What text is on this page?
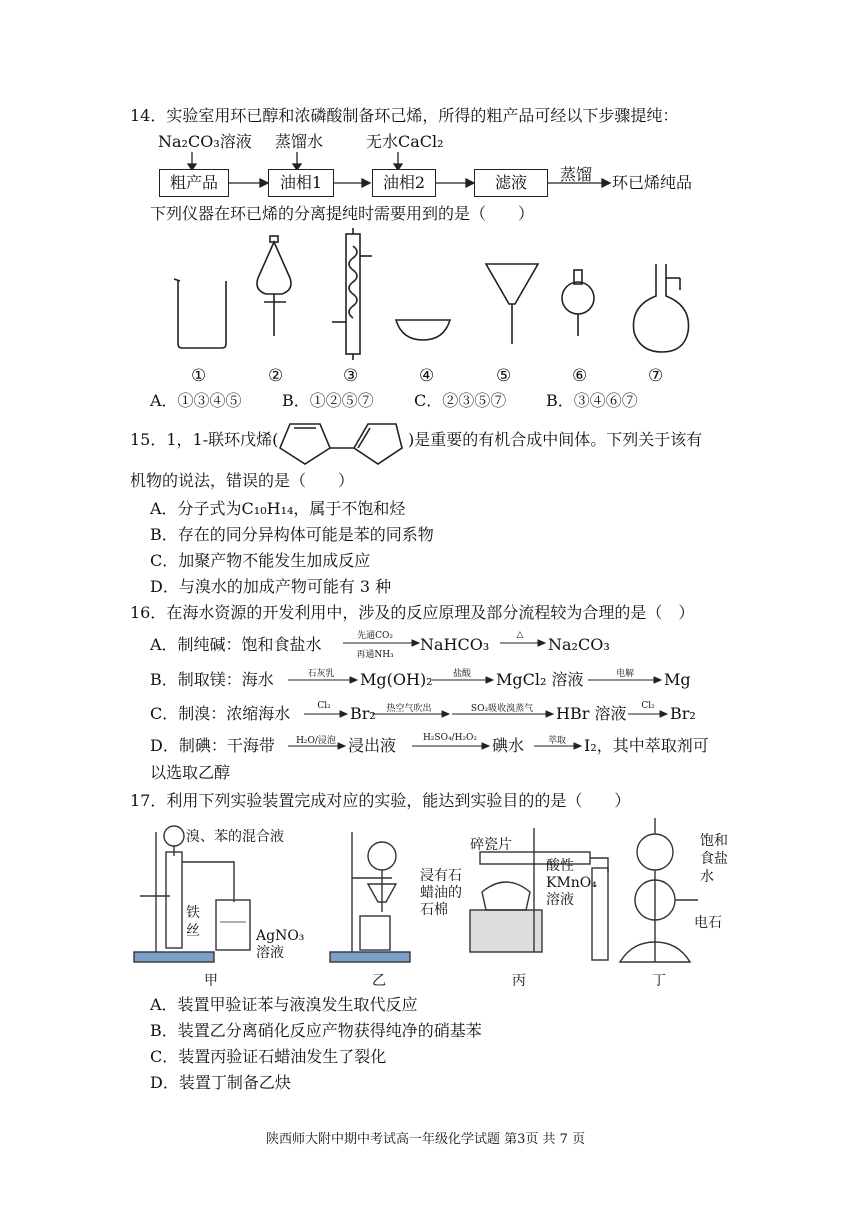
14．实验室用环已醇和浓磷酸制备环己烯，所得的粗产品可经以下步骤提纯：
Na₂CO₃溶液 蒸馏水	无水CaCl₂
粗产品	油相1	油相2	滤液	蒸馏 环已烯纯品
下列仪器在环已烯的分离提纯时需要用到的是（　　）
①	②	③	④	⑤	⑥	⑦
A．①③④⑤	B．①②⑤⑦	C．②③⑤⑦ B．③④⑥⑦
15．1，1-联环戊烯(	)是重要的有机合成中间体。下列关于该有
机物的说法，错误的是（　　）
A．分子式为C₁₀H₁₄，属于不饱和烃
B．存在的同分异构体可能是苯的同系物
C．加聚产物不能发生加成反应
D．与溴水的加成产物可能有 3 种
16．在海水资源的开发利用中，涉及的反应原理及部分流程较为合理的是（　）
A．制纯碱：饱和食盐水	先通CO₂
再通NH₃
NaHCO₃	△	Na₂CO₃
B．制取镁：海水	石灰乳	Mg(OH)₂	盐酸	MgCl₂ 溶液	电解	Mg
C．制溴：浓缩海水	Cl₂	Br₂	热空气吹出	SO₂吸收溴蒸气	HBr 溶液	Cl₂ Br₂
D．制碘：干海带	H₂O/浸泡 浸出液	H₂SO₄/H₂O₂ 碘水	萃取	I₂，其中萃取剂可
以选取乙醇
17．利用下列实验装置完成对应的实验，能达到实验目的的是（　　）
溴、苯的混合液
铁丝	AgNO₃溶液
碎瓷片
浸有石蜡油的石棉
酸性KMnO₄溶液
饱和食盐水
电石
甲	乙	丙	丁
A．装置甲验证苯与液溴发生取代反应
B．装置乙分离硝化反应产物获得纯净的硝基苯
C．装置丙验证石蜡油发生了裂化
D．装置丁制备乙炔
陕西师大附中期中考试高一年级化学试题 第3页 共 7 页
